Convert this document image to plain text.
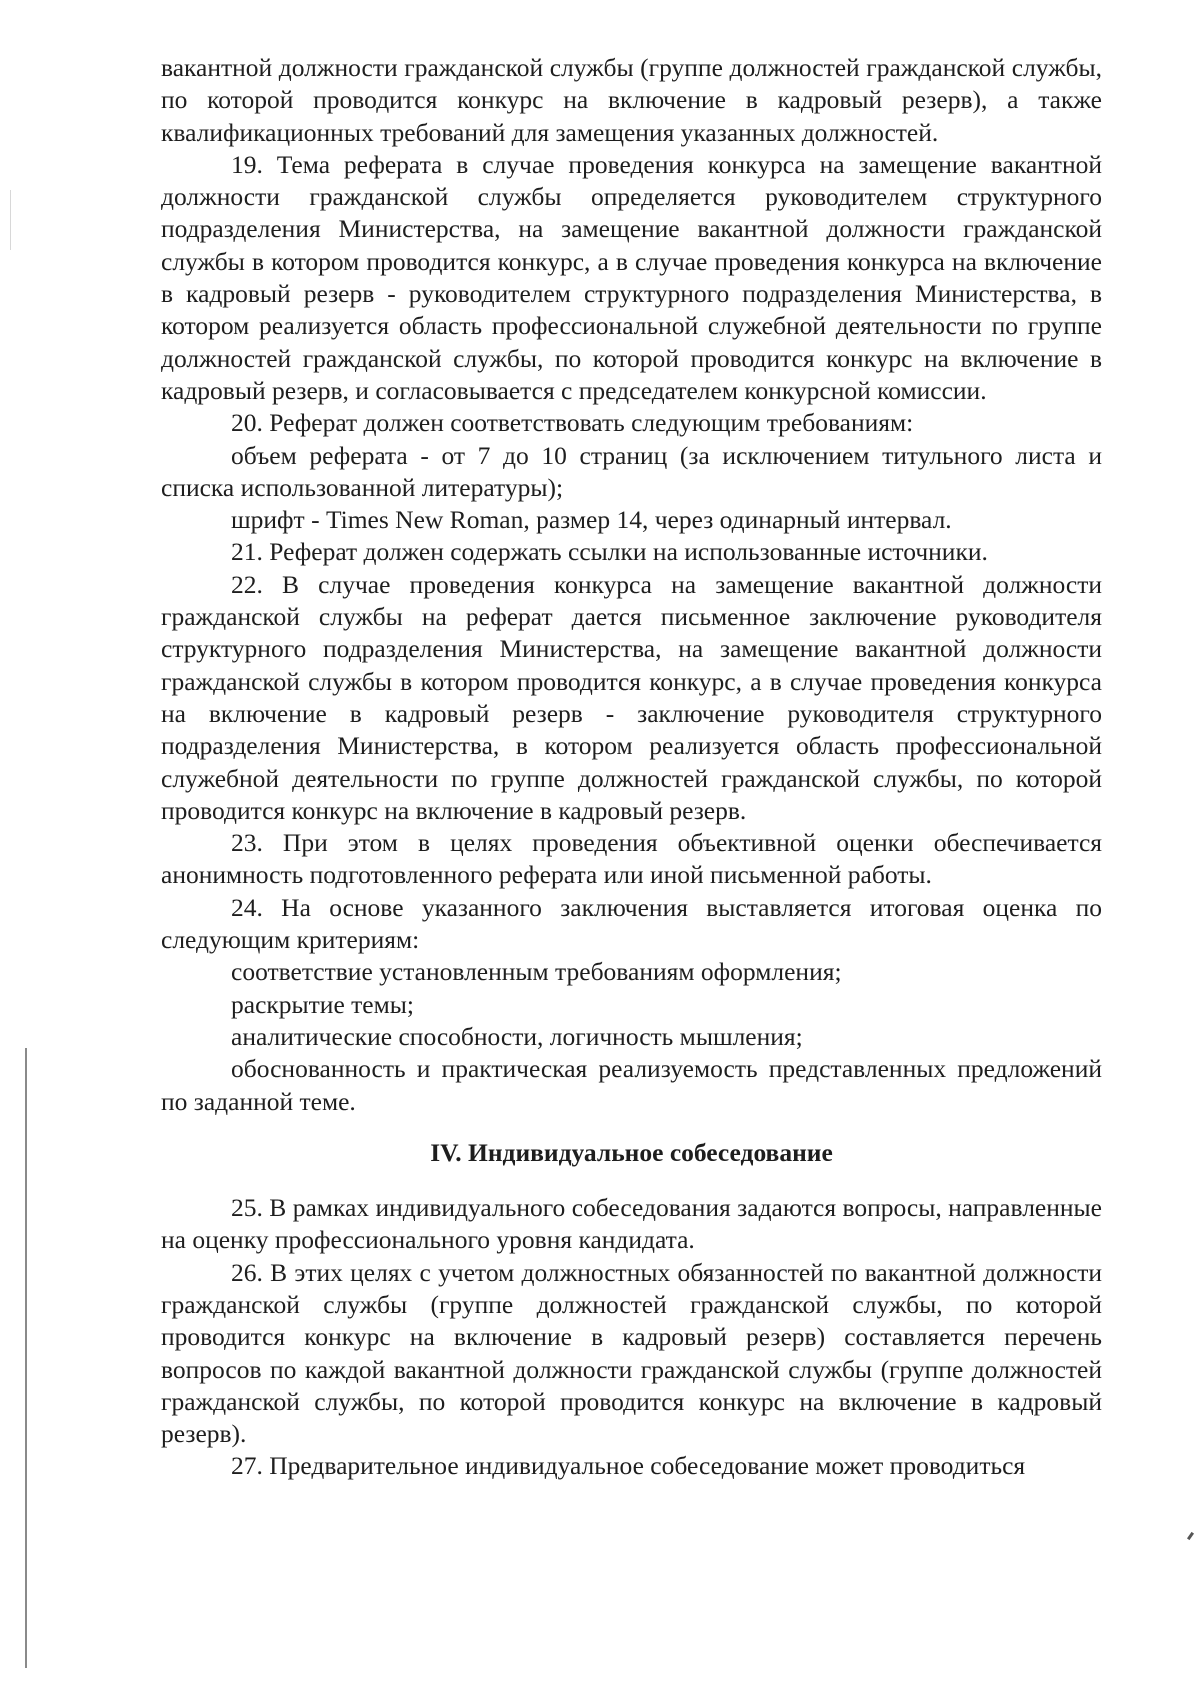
вакантной должности гражданской службы (группе должностей гражданской службы, по которой проводится конкурс на включение в кадровый резерв), а также квалификационных требований для замещения указанных должностей.

19. Тема реферата в случае проведения конкурса на замещение вакантной должности гражданской службы определяется руководителем структурного подразделения Министерства, на замещение вакантной должности гражданской службы в котором проводится конкурс, а в случае проведения конкурса на включение в кадровый резерв - руководителем структурного подразделения Министерства, в котором реализуется область профессиональной служебной деятельности по группе должностей гражданской службы, по которой проводится конкурс на включение в кадровый резерв, и согласовывается с председателем конкурсной комиссии.

20. Реферат должен соответствовать следующим требованиям:

объем реферата - от 7 до 10 страниц (за исключением титульного листа и списка использованной литературы);

шрифт - Times New Roman, размер 14, через одинарный интервал.

21. Реферат должен содержать ссылки на использованные источники.

22. В случае проведения конкурса на замещение вакантной должности гражданской службы на реферат дается письменное заключение руководителя структурного подразделения Министерства, на замещение вакантной должности гражданской службы в котором проводится конкурс, а в случае проведения конкурса на включение в кадровый резерв - заключение руководителя структурного подразделения Министерства, в котором реализуется область профессиональной служебной деятельности по группе должностей гражданской службы, по которой проводится конкурс на включение в кадровый резерв.

23. При этом в целях проведения объективной оценки обеспечивается анонимность подготовленного реферата или иной письменной работы.

24. На основе указанного заключения выставляется итоговая оценка по следующим критериям:

соответствие установленным требованиям оформления;

раскрытие темы;

аналитические способности, логичность мышления;

обоснованность и практическая реализуемость представленных предложений по заданной теме.

IV. Индивидуальное собеседование

25. В рамках индивидуального собеседования задаются вопросы, направленные на оценку профессионального уровня кандидата.

26. В этих целях с учетом должностных обязанностей по вакантной должности гражданской службы (группе должностей гражданской службы, по которой проводится конкурс на включение в кадровый резерв) составляется перечень вопросов по каждой вакантной должности гражданской службы (группе должностей гражданской службы, по которой проводится конкурс на включение в кадровый резерв).

27. Предварительное индивидуальное собеседование может проводиться
